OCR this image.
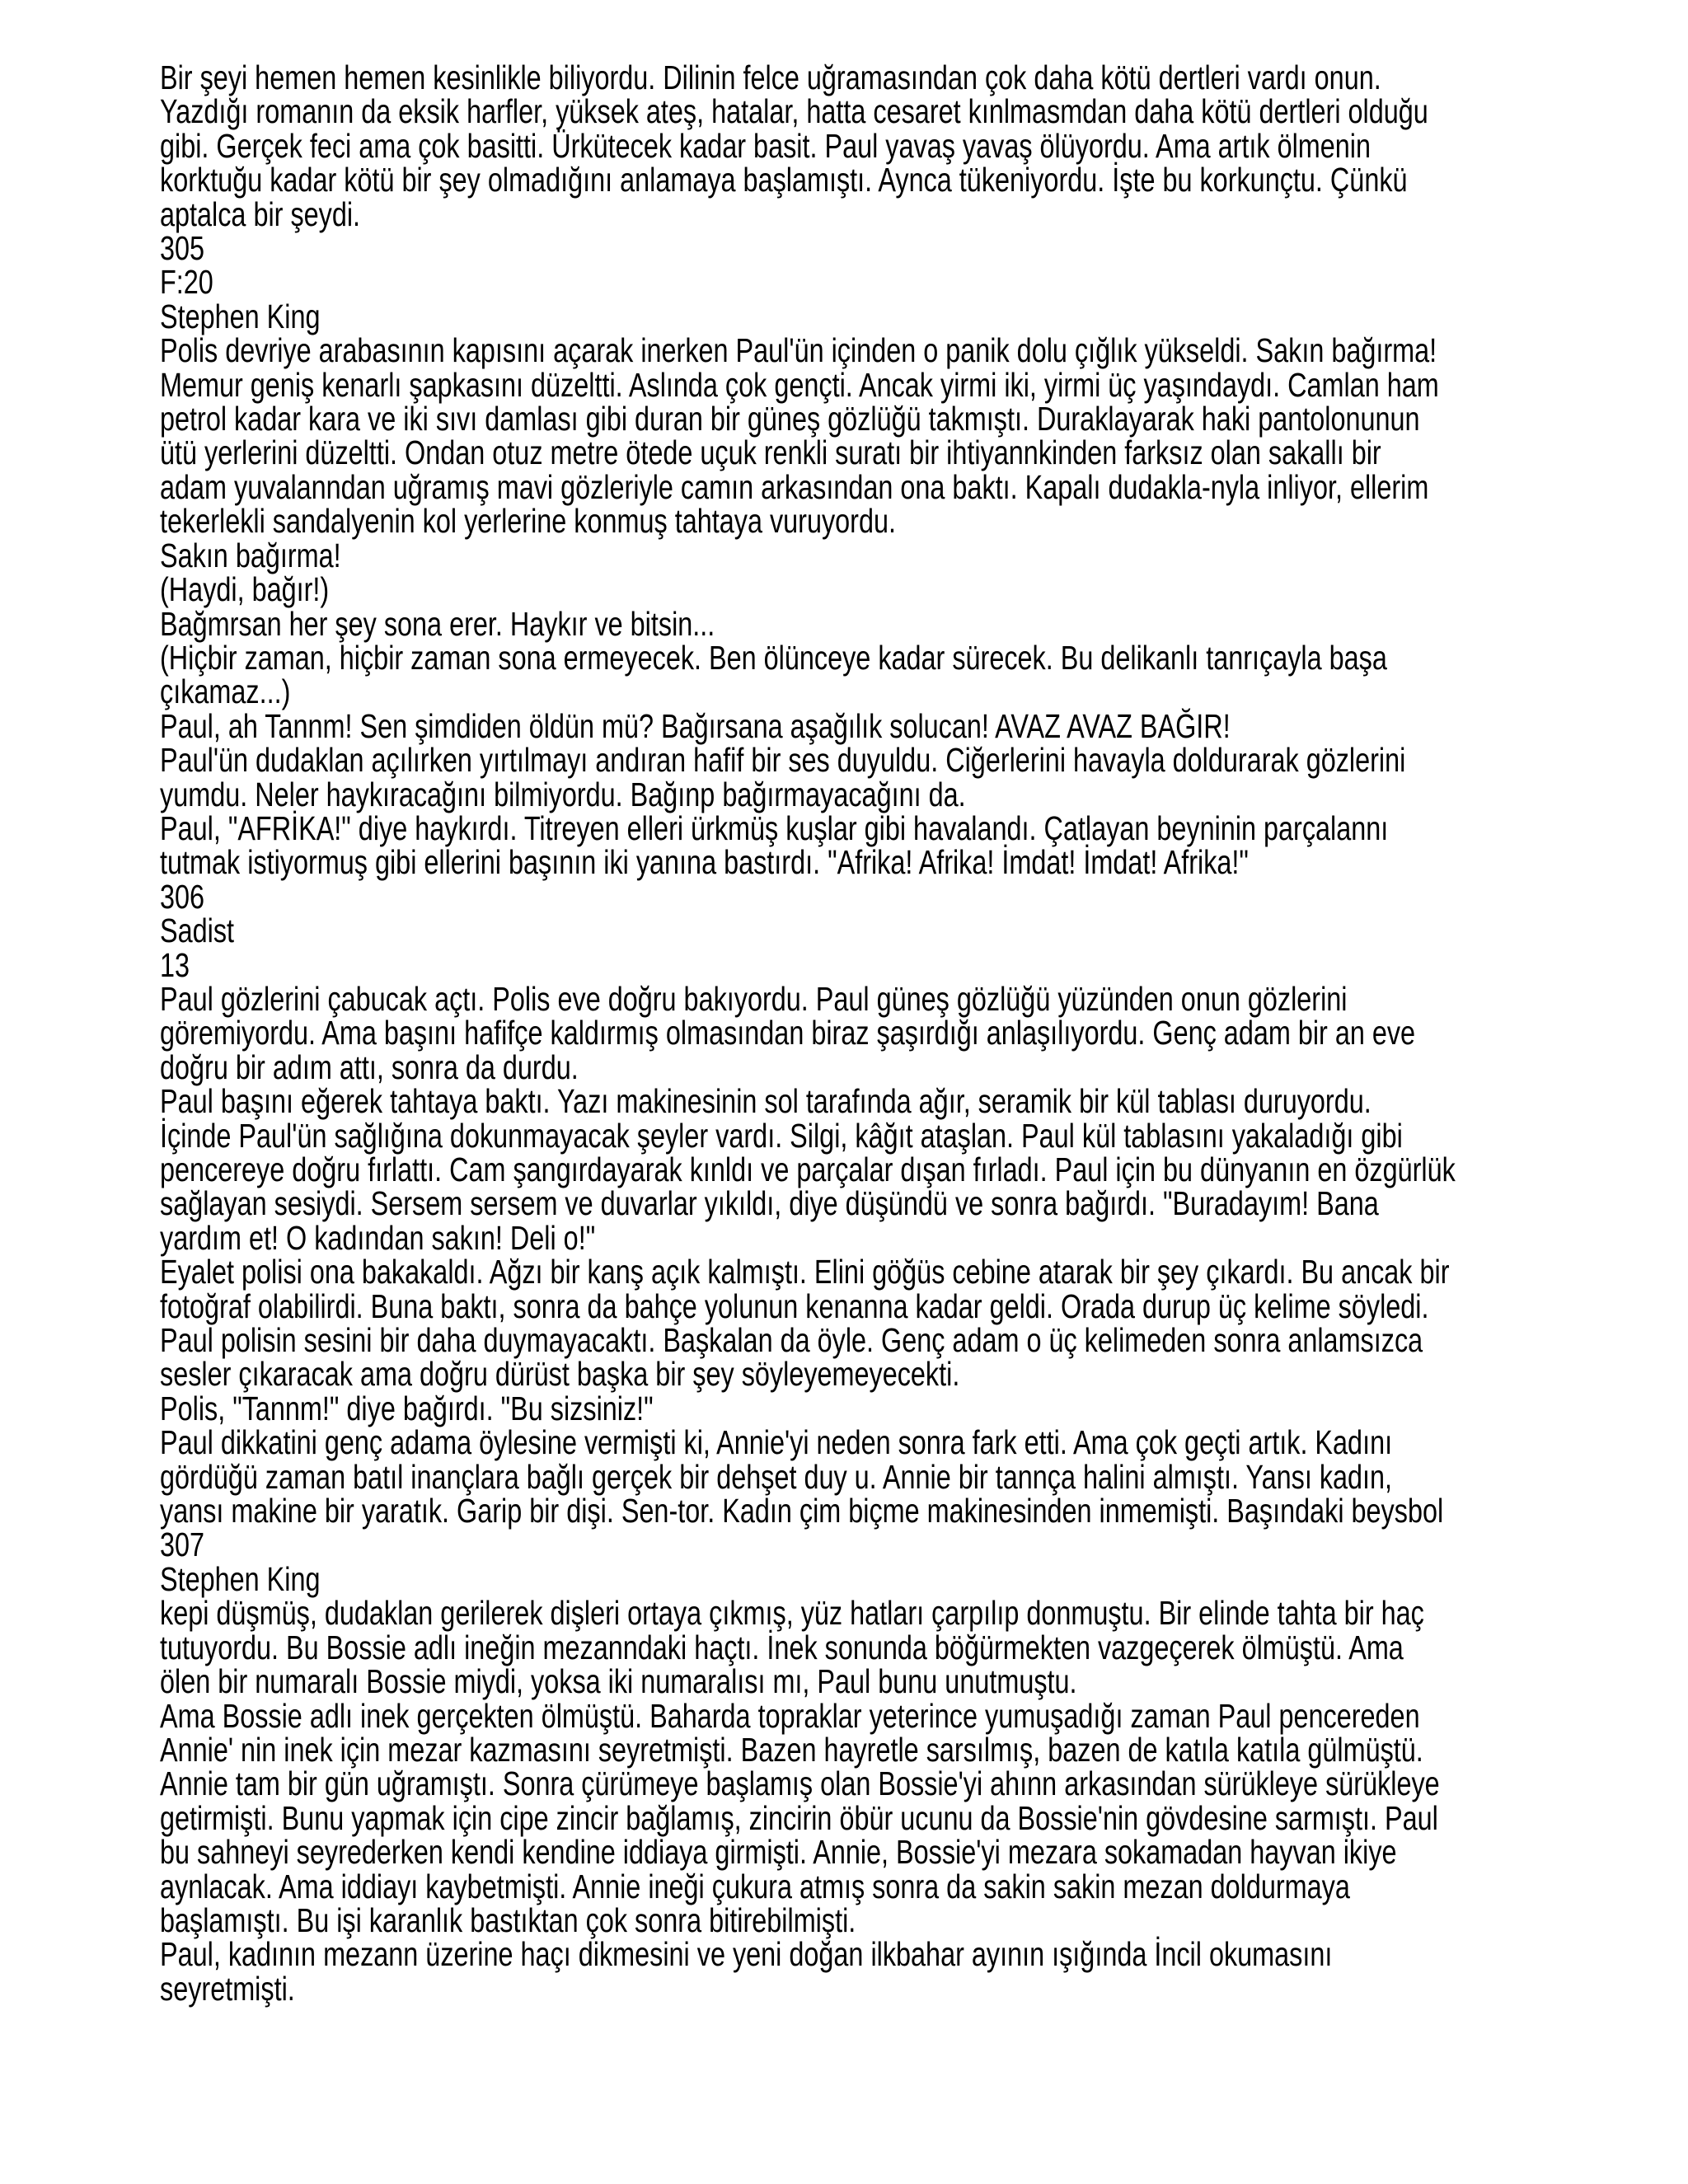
Bir şeyi hemen hemen kesinlikle biliyordu. Dilinin felce uğramasından çok daha kötü dertleri vardı onun.
Yazdığı romanın da eksik harfler, yüksek ateş, hatalar, hatta cesaret kınlmasmdan daha kötü dertleri olduğu
gibi. Gerçek feci ama çok basitti. Ürkütecek kadar basit. Paul yavaş yavaş ölüyordu. Ama artık ölmenin
korktuğu kadar kötü bir şey olmadığını anlamaya başlamıştı. Aynca tükeniyordu. İşte bu korkunçtu. Çünkü
aptalca bir şeydi.
305
F:20
Stephen King
Polis devriye arabasının kapısını açarak inerken Paul'ün içinden o panik dolu çığlık yükseldi. Sakın bağırma!
Memur geniş kenarlı şapkasını düzeltti. Aslında çok gençti. Ancak yirmi iki, yirmi üç yaşındaydı. Camlan ham
petrol kadar kara ve iki sıvı damlası gibi duran bir güneş gözlüğü takmıştı. Duraklayarak haki pantolonunun
ütü yerlerini düzeltti. Ondan otuz metre ötede uçuk renkli suratı bir ihtiyannkinden farksız olan sakallı bir
adam yuvalanndan uğramış mavi gözleriyle camın arkasından ona baktı. Kapalı dudakla-nyla inliyor, ellerim
tekerlekli sandalyenin kol yerlerine konmuş tahtaya vuruyordu.
Sakın bağırma!
(Haydi, bağır!)
Bağmrsan her şey sona erer. Haykır ve bitsin...
(Hiçbir zaman, hiçbir zaman sona ermeyecek. Ben ölünceye kadar sürecek. Bu delikanlı tanrıçayla başa
çıkamaz...)
Paul, ah Tannm! Sen şimdiden öldün mü? Bağırsana aşağılık solucan! AVAZ AVAZ BAĞIR!
Paul'ün dudaklan açılırken yırtılmayı andıran hafif bir ses duyuldu. Ciğerlerini havayla doldurarak gözlerini
yumdu. Neler haykıracağını bilmiyordu. Bağınp bağırmayacağını da.
Paul, "AFRİKA!" diye haykırdı. Titreyen elleri ürkmüş kuşlar gibi havalandı. Çatlayan beyninin parçalannı
tutmak istiyormuş gibi ellerini başının iki yanına bastırdı. "Afrika! Afrika! İmdat! İmdat! Afrika!"
306
Sadist
13
Paul gözlerini çabucak açtı. Polis eve doğru bakıyordu. Paul güneş gözlüğü yüzünden onun gözlerini
göremiyordu. Ama başını hafifçe kaldırmış olmasından biraz şaşırdığı anlaşılıyordu. Genç adam bir an eve
doğru bir adım attı, sonra da durdu.
Paul başını eğerek tahtaya baktı. Yazı makinesinin sol tarafında ağır, seramik bir kül tablası duruyordu.
İçinde Paul'ün sağlığına dokunmayacak şeyler vardı. Silgi, kâğıt ataşlan. Paul kül tablasını yakaladığı gibi
pencereye doğru fırlattı. Cam şangırdayarak kınldı ve parçalar dışan fırladı. Paul için bu dünyanın en özgürlük
sağlayan sesiydi. Sersem sersem ve duvarlar yıkıldı, diye düşündü ve sonra bağırdı. "Buradayım! Bana
yardım et! O kadından sakın! Deli o!"
Eyalet polisi ona bakakaldı. Ağzı bir kanş açık kalmıştı. Elini göğüs cebine atarak bir şey çıkardı. Bu ancak bir
fotoğraf olabilirdi. Buna baktı, sonra da bahçe yolunun kenanna kadar geldi. Orada durup üç kelime söyledi.
Paul polisin sesini bir daha duymayacaktı. Başkalan da öyle. Genç adam o üç kelimeden sonra anlamsızca
sesler çıkaracak ama doğru dürüst başka bir şey söyleyemeyecekti.
Polis, "Tannm!" diye bağırdı. "Bu sizsiniz!"
Paul dikkatini genç adama öylesine vermişti ki, Annie'yi neden sonra fark etti. Ama çok geçti artık. Kadını
gördüğü zaman batıl inançlara bağlı gerçek bir dehşet duy u. Annie bir tannça halini almıştı. Yansı kadın,
yansı makine bir yaratık. Garip bir dişi. Sen-tor. Kadın çim biçme makinesinden inmemişti. Başındaki beysbol
307
Stephen King
kepi düşmüş, dudaklan gerilerek dişleri ortaya çıkmış, yüz hatları çarpılıp donmuştu. Bir elinde tahta bir haç
tutuyordu. Bu Bossie adlı ineğin mezanndaki haçtı. İnek sonunda böğürmekten vazgeçerek ölmüştü. Ama
ölen bir numaralı Bossie miydi, yoksa iki numaralısı mı, Paul bunu unutmuştu.
Ama Bossie adlı inek gerçekten ölmüştü. Baharda topraklar yeterince yumuşadığı zaman Paul pencereden
Annie' nin inek için mezar kazmasını seyretmişti. Bazen hayretle sarsılmış, bazen de katıla katıla gülmüştü.
Annie tam bir gün uğramıştı. Sonra çürümeye başlamış olan Bossie'yi ahınn arkasından sürükleye sürükleye
getirmişti. Bunu yapmak için cipe zincir bağlamış, zincirin öbür ucunu da Bossie'nin gövdesine sarmıştı. Paul
bu sahneyi seyrederken kendi kendine iddiaya girmişti. Annie, Bossie'yi mezara sokamadan hayvan ikiye
aynlacak. Ama iddiayı kaybetmişti. Annie ineği çukura atmış sonra da sakin sakin mezan doldurmaya
başlamıştı. Bu işi karanlık bastıktan çok sonra bitirebilmişti.
Paul, kadının mezann üzerine haçı dikmesini ve yeni doğan ilkbahar ayının ışığında İncil okumasını
seyretmişti.
